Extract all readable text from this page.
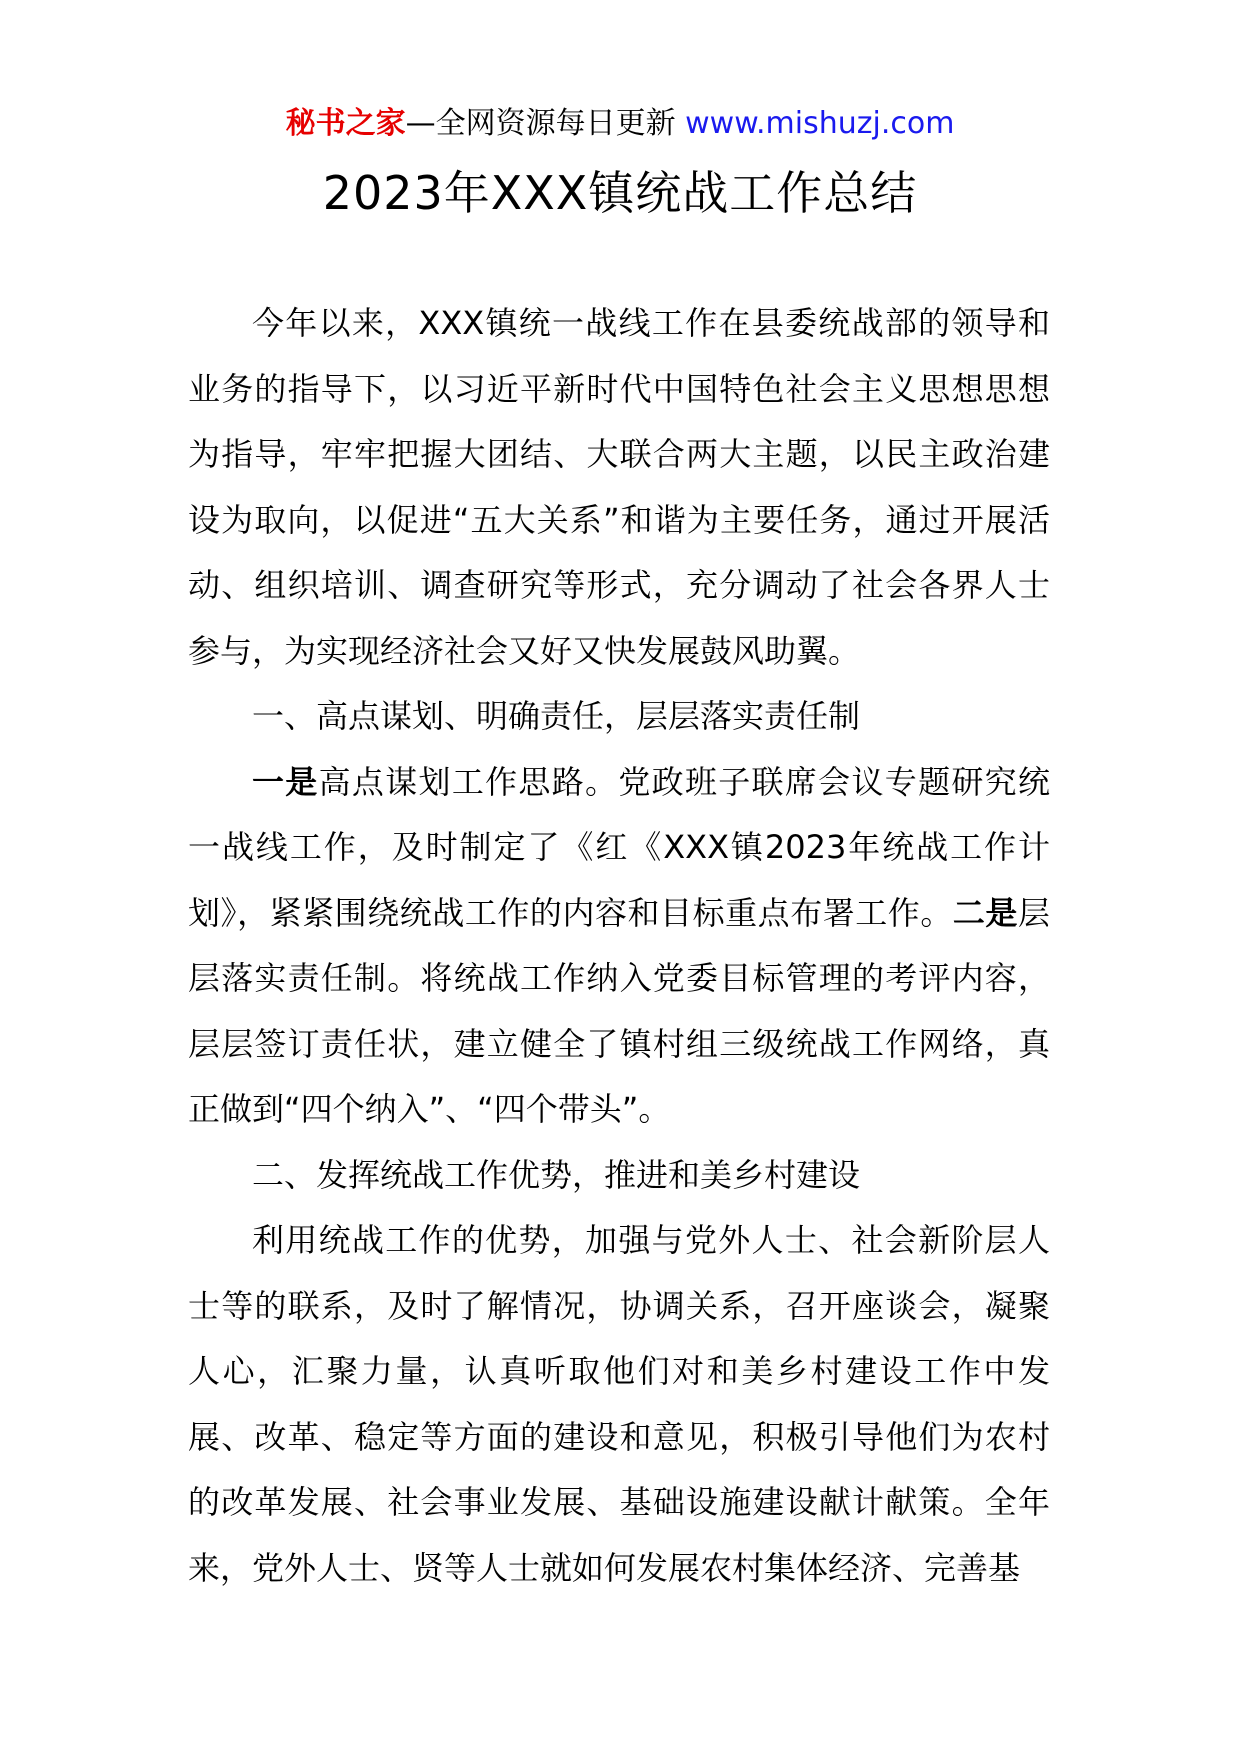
秘书之家—全网资源每日更新 www.mishuzj.com
2023年XXX镇统战工作总结

今年以来，XXX镇统一战线工作在县委统战部的领导和业务的指导下，以习近平新时代中国特色社会主义思想思想为指导，牢牢把握大团结、大联合两大主题，以民主政治建设为取向，以促进“五大关系”和谐为主要任务，通过开展活动、组织培训、调查研究等形式，充分调动了社会各界人士参与，为实现经济社会又好又快发展鼓风助翼。

一、高点谋划、明确责任，层层落实责任制

一是高点谋划工作思路。党政班子联席会议专题研究统一战线工作，及时制定了《红《XXX镇2023年统战工作计划》，紧紧围绕统战工作的内容和目标重点布署工作。二是层层落实责任制。将统战工作纳入党委目标管理的考评内容，层层签订责任状，建立健全了镇村组三级统战工作网络，真正做到“四个纳入”、“四个带头”。

二、发挥统战工作优势，推进和美乡村建设

利用统战工作的优势，加强与党外人士、社会新阶层人士等的联系，及时了解情况，协调关系，召开座谈会，凝聚人心，汇聚力量，认真听取他们对和美乡村建设工作中发展、改革、稳定等方面的建设和意见，积极引导他们为农村的改革发展、社会事业发展、基础设施建设献计献策。全年来，党外人士、贤等人士就如何发展农村集体经济、完善基
